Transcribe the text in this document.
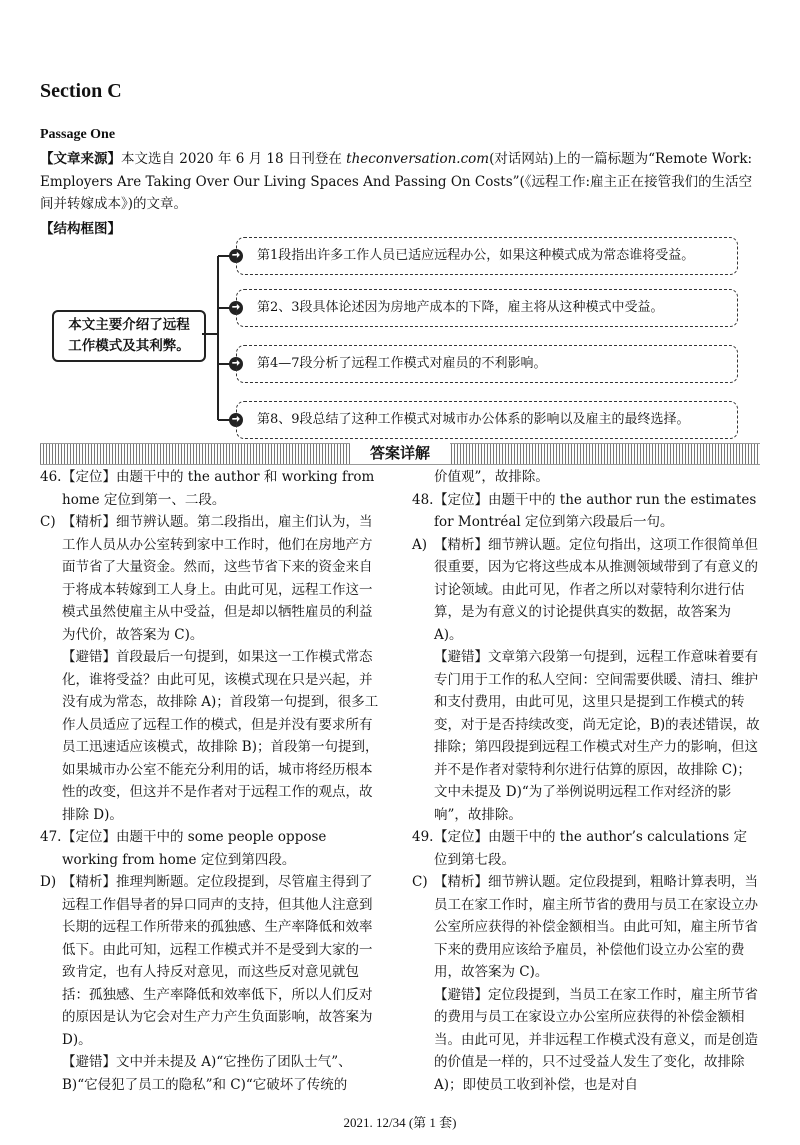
Section C
Passage One
【文章来源】本文选自 2020 年 6 月 18 日刊登在 theconversation.com(对话网站)上的一篇标题为“Remote Work: Employers Are Taking Over Our Living Spaces And Passing On Costs”(《远程工作:雇主正在接管我们的生活空间并转嫁成本》)的文章。
【结构框图】
本文主要介绍了远程
工作模式及其利弊。
➜	第1段指出许多工作人员已适应远程办公，如果这种模式成为常态谁将受益。
➜	第2、3段具体论述因为房地产成本的下降，雇主将从这种模式中受益。
➜	第4—7段分析了远程工作模式对雇员的不利影响。
➜	第8、9段总结了这种工作模式对城市办公体系的影响以及雇主的最终选择。
答案详解

46.【定位】由题干中的 the author 和 working from home 定位到第一、二段。

C) 【精析】细节辨认题。第二段指出，雇主们认为，当工作人员从办公室转到家中工作时，他们在房地产方面节省了大量资金。然而，这些节省下来的资金来自于将成本转嫁到工人身上。由此可见，远程工作这一模式虽然使雇主从中受益，但是却以牺牲雇员的利益为代价，故答案为 C)。

【避错】首段最后一句提到，如果这一工作模式常态化，谁将受益？由此可见，该模式现在只是兴起，并没有成为常态，故排除 A)；首段第一句提到，很多工作人员适应了远程工作的模式，但是并没有要求所有员工迅速适应该模式，故排除 B)；首段第一句提到，如果城市办公室不能充分利用的话，城市将经历根本性的改变，但这并不是作者对于远程工作的观点，故排除 D)。

47.【定位】由题干中的 some people oppose working from home 定位到第四段。

D) 【精析】推理判断题。定位段提到，尽管雇主得到了远程工作倡导者的异口同声的支持，但其他人注意到长期的远程工作所带来的孤独感、生产率降低和效率低下。由此可知，远程工作模式并不是受到大家的一致肯定，也有人持反对意见，而这些反对意见就包括：孤独感、生产率降低和效率低下，所以人们反对的原因是认为它会对生产力产生负面影响，故答案为 D)。

【避错】文中并未提及 A)“它挫伤了团队士气”、B)“它侵犯了员工的隐私”和 C)“它破坏了传统的

价值观”，故排除。

48.【定位】由题干中的 the author run the estimates for Montréal 定位到第六段最后一句。

A) 【精析】细节辨认题。定位句指出，这项工作很简单但很重要，因为它将这些成本从推测领域带到了有意义的讨论领域。由此可见，作者之所以对蒙特利尔进行估算，是为有意义的讨论提供真实的数据，故答案为 A)。

【避错】文章第六段第一句提到，远程工作意味着要有专门用于工作的私人空间：空间需要供暖、清扫、维护和支付费用，由此可见，这里只是提到工作模式的转变，对于是否持续改变，尚无定论，B)的表述错误，故排除；第四段提到远程工作模式对生产力的影响，但这并不是作者对蒙特利尔进行估算的原因，故排除 C)；文中未提及 D)“为了举例说明远程工作对经济的影响”，故排除。

49.【定位】由题干中的 the author’s calculations 定位到第七段。

C) 【精析】细节辨认题。定位段提到，粗略计算表明，当员工在家工作时，雇主所节省的费用与员工在家设立办公室所应获得的补偿金额相当。由此可知，雇主所节省下来的费用应该给予雇员，补偿他们设立办公室的费用，故答案为 C)。

【避错】定位段提到，当员工在家工作时，雇主所节省的费用与员工在家设立办公室所应获得的补偿金额相当。由此可见，并非远程工作模式没有意义，而是创造的价值是一样的，只不过受益人发生了变化，故排除 A)；即使员工收到补偿，也是对自

2021. 12/34 (第 1 套)
